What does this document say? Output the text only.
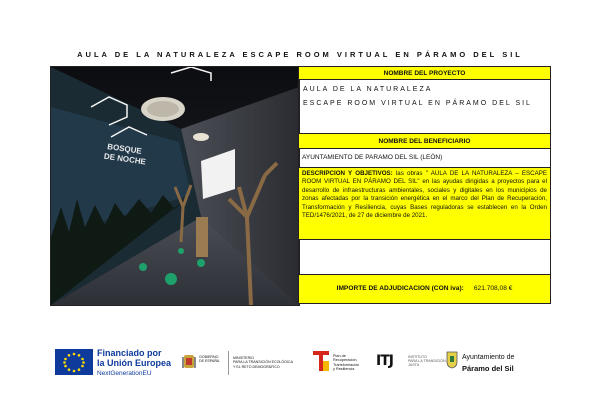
AULA DE LA NATURALEZA ESCAPE ROOM VIRTUAL EN PÁRAMO DEL SIL
BOSQUE
DE NOCHE
NOMBRE DEL PROYECTO
AULA DE LA NATURALEZA
ESCAPE ROOM VIRTUAL EN PÁRAMO DEL SIL
NOMBRE DEL BENEFICIARIO
AYUNTAMIENTO DE PARAMO DEL SIL (LEÓN)
DESCRIPCION Y OBJETIVOS: las obras " AULA DE LA NATURALEZA – ESCAPE ROOM VIRTUAL EN PÁRAMO DEL SIL" en las ayudas dirigidas a proyectos para el desarrollo de infraestructuras ambientales, sociales y digitales en los municipios de zonas afectadas por la transición energética en el marco del Plan de Recuperación, Transformación y Resiliencia, cuyas Bases reguladoras se establecen en la Orden TED/1476/2021, de 27 de diciembre de 2021.
IMPORTE DE ADJUDICACION (CON iva): 621.708,08 €
Financiado por
la Unión Europea
NextGenerationEU
GOBIERNO
DE ESPAÑA
MINISTERIO
PARA LA TRANSICIÓN ECOLÓGICA
Y EL RETO DEMOGRÁFICO
Plan de
Recuperación,
Transformación
y Resiliencia
ITJ	INSTITUTO
PARA LA TRANSICIÓN
JUSTA
Ayuntamiento de
Páramo del Sil
